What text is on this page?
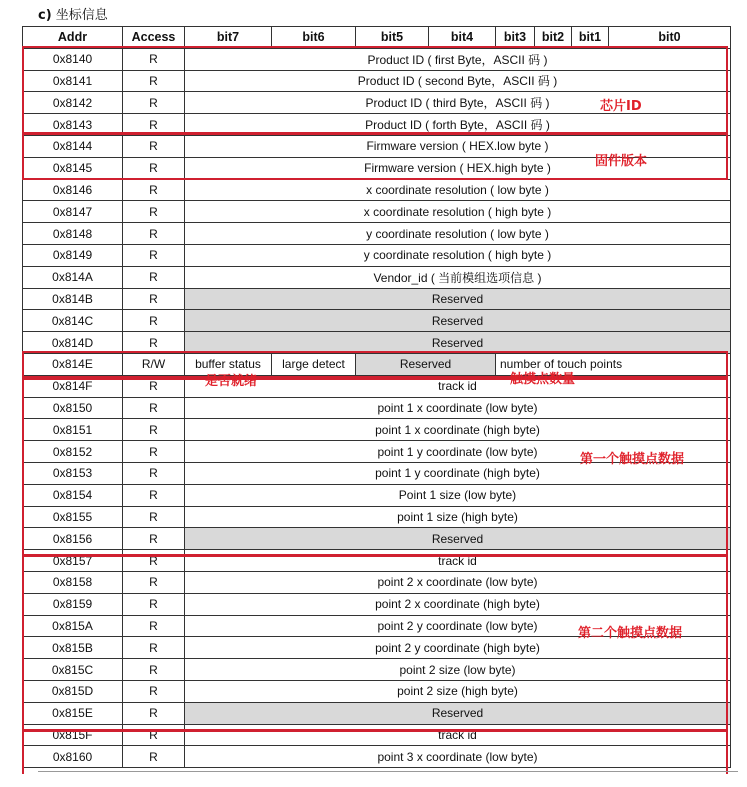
c) 坐标信息
Addr	Access	bit7	bit6	bit5	bit4	bit3	bit2	bit1	bit0
0x8140	R	Product ID ( first Byte，ASCII 码 )							
0x8141	R	Product ID ( second Byte，ASCII 码 )							
0x8142	R	Product ID ( third Byte，ASCII 码 )							
0x8143	R	Product ID ( forth Byte，ASCII 码 )							
0x8144	R	Firmware version ( HEX.low byte )							
0x8145	R	Firmware version ( HEX.high byte )							
0x8146	R	x coordinate resolution ( low byte )							
0x8147	R	x coordinate resolution ( high byte )							
0x8148	R	y coordinate resolution ( low byte )							
0x8149	R	y coordinate resolution ( high byte )							
0x814A	R	Vendor_id ( 当前模组选项信息 )							
0x814B	R	Reserved							
0x814C	R	Reserved							
0x814D	R	Reserved							
0x814E	R/W	buffer status	large detect	Reserved		number of touch points			
0x814F	R	track id							
0x8150	R	point 1 x coordinate (low byte)							
0x8151	R	point 1 x coordinate (high byte)							
0x8152	R	point 1 y coordinate (low byte)							
0x8153	R	point 1 y coordinate (high byte)							
0x8154	R	Point 1 size (low byte)							
0x8155	R	point 1 size (high byte)							
0x8156	R	Reserved							
0x8157	R	track id							
0x8158	R	point 2 x coordinate (low byte)							
0x8159	R	point 2 x coordinate (high byte)							
0x815A	R	point 2 y coordinate (low byte)							
0x815B	R	point 2 y coordinate (high byte)							
0x815C	R	point 2 size (low byte)							
0x815D	R	point 2 size (high byte)							
0x815E	R	Reserved							
0x815F	R	track id							
0x8160	R	point 3 x coordinate (low byte)							
芯片ID
固件版本
是否就绪	触摸点数量
第一个触摸点数据
第二个触摸点数据
